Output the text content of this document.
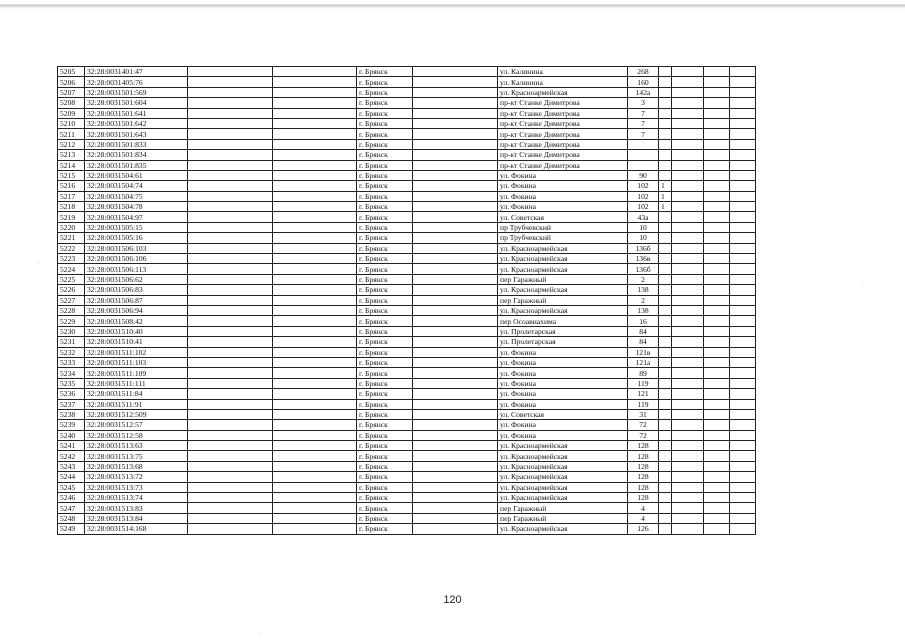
5205	32:28:0031401:47			г. Брянск		ул. Калинина	268				
5206	32:28:0031405:76			г. Брянск		ул. Калинина	160				
5207	32:28:0031501:569			г. Брянск		ул. Красноармейская	142а				
5208	32:28:0031501:604			г. Брянск		пр-кт Станке Димитрова	3				
5209	32:28:0031501:641			г. Брянск		пр-кт Станке Димитрова	7				
5210	32:28:0031501:642			г. Брянск		пр-кт Станке Димитрова	7				
5211	32:28:0031501:643			г. Брянск		пр-кт Станке Димитрова	7				
5212	32:28:0031501:833			г. Брянск		пр-кт Станке Димитрова					
5213	32:28:0031501:834			г. Брянск		пр-кт Станке Димитрова					
5214	32:28:0031501:835			г. Брянск		пр-кт Станке Димитрова					
5215	32:28:0031504:61			г. Брянск		ул. Фокина	90				
5216	32:28:0031504:74			г. Брянск		ул. Фокина	102	1			
5217	32:28:0031504:75			г. Брянск		ул. Фокина	102	1			
5218	32:28:0031504:78			г. Брянск		ул. Фокина	102	1			
5219	32:28:0031504:97			г. Брянск		ул. Советская	43а				
5220	32:28:0031505:15			г. Брянск		пр Трубчевский	10				
5221	32:28:0031505:16			г. Брянск		пр Трубчевский	10				
5222	32:28:0031506:103			г. Брянск		ул. Красноармейская	136б				
5223	32:28:0031506:106			г. Брянск		ул. Красноармейская	136в				
5224	32:28:0031506:113			г. Брянск		ул. Красноармейская	136б				
5225	32:28:0031506:62			г. Брянск		пер Гаражный	2				
5226	32:28:0031506:83			г. Брянск		ул. Красноармейская	138				
5227	32:28:0031506:87			г. Брянск		пер Гаражный	2				
5228	32:28:0031506:94			г. Брянск		ул. Красноармейская	138				
5229	32:28:0031508:42			г. Брянск		пер Осоавиахима	16				
5230	32:28:0031510:40			г. Брянск		ул. Пролетарская	84				
5231	32:28:0031510:41			г. Брянск		ул. Пролетарская	84				
5232	32:28:0031511:102			г. Брянск		ул. Фокина	121в				
5233	32:28:0031511:103			г. Брянск		ул. Фокина	121а				
5234	32:28:0031511:109			г. Брянск		ул. Фокина	89				
5235	32:28:0031511:111			г. Брянск		ул. Фокина	119				
5236	32:28:0031511:84			г. Брянск		ул. Фокина	121				
5237	32:28:0031511:91			г. Брянск		ул. Фокина	119				
5238	32:28:0031512:509			г. Брянск		ул. Советская	31				
5239	32:28:0031512:57			г. Брянск		ул. Фокина	72				
5240	32:28:0031512:58			г. Брянск		ул. Фокина	72				
5241	32:28:0031513:63			г. Брянск		ул. Красноармейская	128				
5242	32:28:0031513:75			г. Брянск		ул. Красноармейская	128				
5243	32:28:0031513:68			г. Брянск		ул. Красноармейская	128				
5244	32:28:0031513:72			г. Брянск		ул. Красноармейская	128				
5245	32:28:0031513:73			г. Брянск		ул. Красноармейская	128				
5246	32:28:0031513:74			г. Брянск		ул. Красноармейская	128				
5247	32:28:0031513:83			г. Брянск		пер Гаражный	4				
5248	32:28:0031513:84			г. Брянск		пер Гаражный	4				
5249	32:28:0031514:168			г. Брянск		ул. Красноармейская	126				
120
